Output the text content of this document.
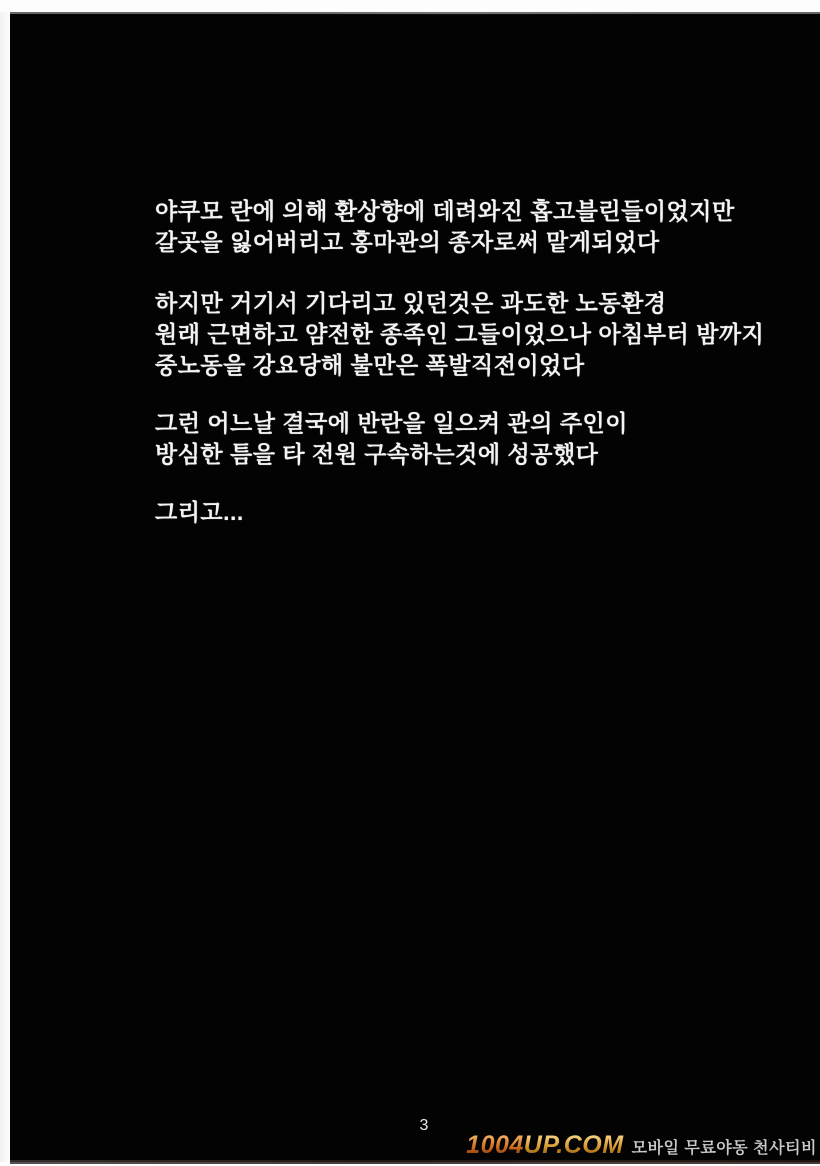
야쿠모 란에 의해 환상향에 데려와진 홉고블린들이었지만
갈곳을 잃어버리고 홍마관의 종자로써 맡게되었다
하지만 거기서 기다리고 있던것은 과도한 노동환경
원래 근면하고 얌전한 종족인 그들이었으나 아침부터 밤까지
중노동을 강요당해 불만은 폭발직전이었다
그런 어느날 결국에 반란을 일으켜 관의 주인이
방심한 틈을 타 전원 구속하는것에 성공했다
그리고...
3
1004UP.COM 모바일 무료야동 천사티비
